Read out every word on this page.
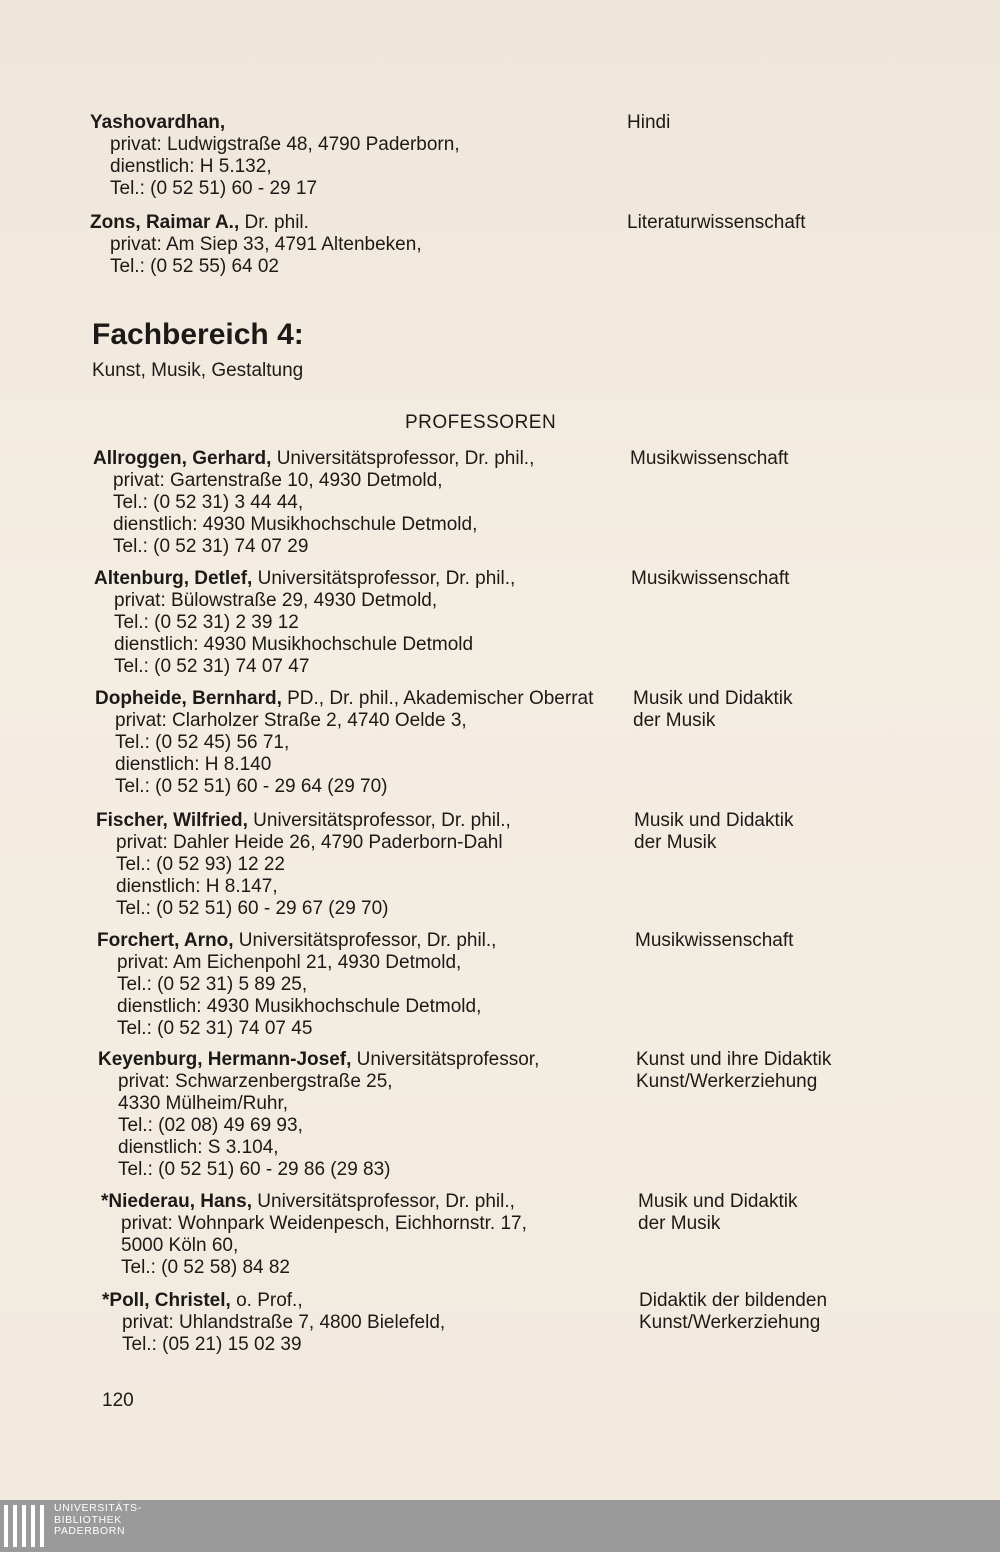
Yashovardhan,
privat: Ludwigstraße 48, 4790 Paderborn,
dienstlich: H 5.132,
Tel.: (0 52 51) 60 - 29 17
Hindi
Zons, Raimar A., Dr. phil.
privat: Am Siep 33, 4791 Altenbeken,
Tel.: (0 52 55) 64 02
Literaturwissenschaft
Fachbereich 4:
Kunst, Musik, Gestaltung
PROFESSOREN
Allroggen, Gerhard, Universitätsprofessor, Dr. phil.,
privat: Gartenstraße 10, 4930 Detmold,
Tel.: (0 52 31) 3 44 44,
dienstlich: 4930 Musikhochschule Detmold,
Tel.: (0 52 31) 74 07 29
Musikwissenschaft
Altenburg, Detlef, Universitätsprofessor, Dr. phil.,
privat: Bülowstraße 29, 4930 Detmold,
Tel.: (0 52 31) 2 39 12
dienstlich: 4930 Musikhochschule Detmold
Tel.: (0 52 31) 74 07 47
Musikwissenschaft
Dopheide, Bernhard, PD., Dr. phil., Akademischer Oberrat
privat: Clarholzer Straße 2, 4740 Oelde 3,
Tel.: (0 52 45) 56 71,
dienstlich: H 8.140
Tel.: (0 52 51) 60 - 29 64 (29 70)
Musik und Didaktik
der Musik
Fischer, Wilfried, Universitätsprofessor, Dr. phil.,
privat: Dahler Heide 26, 4790 Paderborn-Dahl
Tel.: (0 52 93) 12 22
dienstlich: H 8.147,
Tel.: (0 52 51) 60 - 29 67 (29 70)
Musik und Didaktik
der Musik
Forchert, Arno, Universitätsprofessor, Dr. phil.,
privat: Am Eichenpohl 21, 4930 Detmold,
Tel.: (0 52 31) 5 89 25,
dienstlich: 4930 Musikhochschule Detmold,
Tel.: (0 52 31) 74 07 45
Musikwissenschaft
Keyenburg, Hermann-Josef, Universitätsprofessor,
privat: Schwarzenbergstraße 25,
4330 Mülheim/Ruhr,
Tel.: (02 08) 49 69 93,
dienstlich: S 3.104,
Tel.: (0 52 51) 60 - 29 86 (29 83)
Kunst und ihre Didaktik
Kunst/Werkerziehung
*Niederau, Hans, Universitätsprofessor, Dr. phil.,
privat: Wohnpark Weidenpesch, Eichhornstr. 17,
5000 Köln 60,
Tel.: (0 52 58) 84 82
Musik und Didaktik
der Musik
*Poll, Christel, o. Prof.,
privat: Uhlandstraße 7, 4800 Bielefeld,
Tel.: (05 21) 15 02 39
Didaktik der bildenden
Kunst/Werkerziehung
120
UNIVERSITÄTS-
BIBLIOTHEK
PADERBORN
